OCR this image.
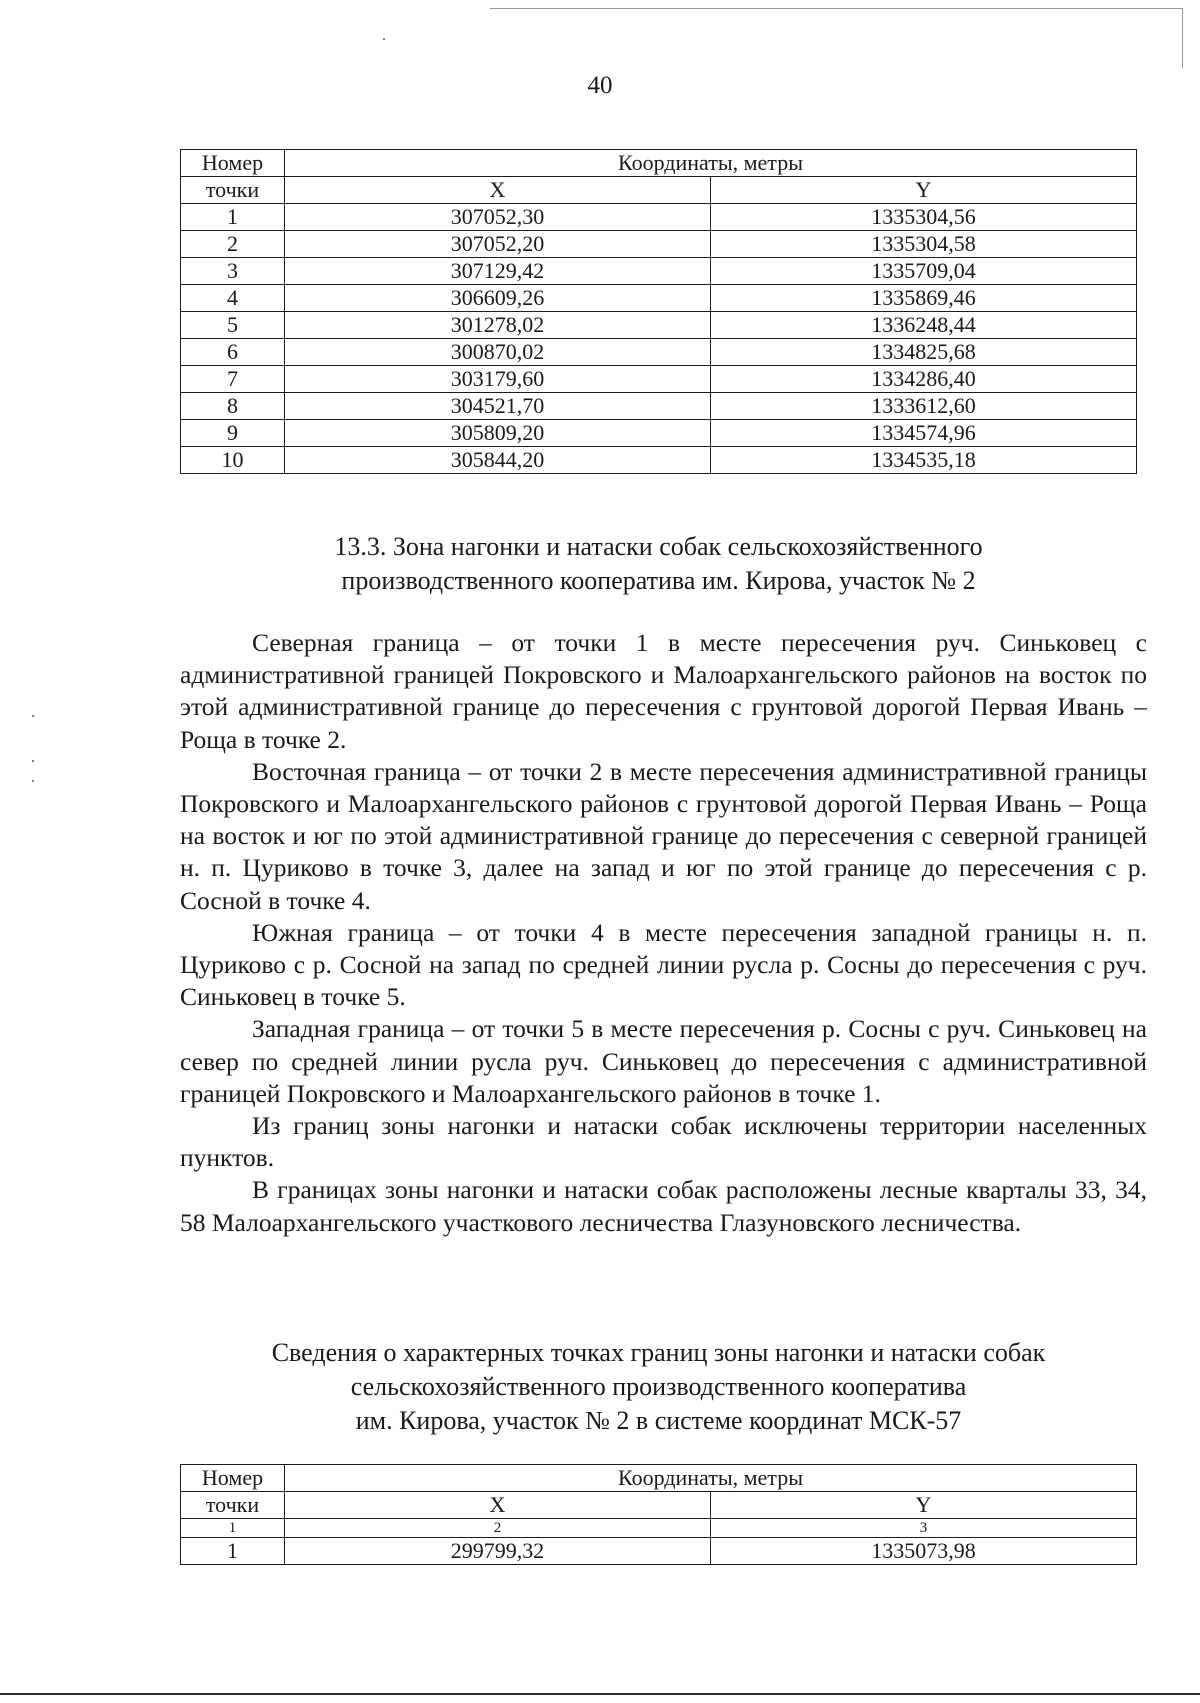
40
Номер	Координаты, метры	
точки	X	Y
1	307052,30	1335304,56
2	307052,20	1335304,58
3	307129,42	1335709,04
4	306609,26	1335869,46
5	301278,02	1336248,44
6	300870,02	1334825,68
7	303179,60	1334286,40
8	304521,70	1333612,60
9	305809,20	1334574,96
10	305844,20	1334535,18
13.3. Зона нагонки и натаски собак сельскохозяйственного
производственного кооператива им. Кирова, участок № 2

Северная граница – от точки 1 в месте пересечения руч. Синьковец с административной границей Покровского и Малоархангельского районов на восток по этой административной границе до пересечения с грунтовой дорогой Первая Ивань – Роща в точке 2.

Восточная граница – от точки 2 в месте пересечения административной границы Покровского и Малоархангельского районов с грунтовой дорогой Первая Ивань – Роща на восток и юг по этой административной границе до пересечения с северной границей н. п. Цуриково в точке 3, далее на запад и юг по этой границе до пересечения с р. Сосной в точке 4.

Южная граница – от точки 4 в месте пересечения западной границы н. п. Цуриково с р. Сосной на запад по средней линии русла р. Сосны до пересечения с руч. Синьковец в точке 5.

Западная граница – от точки 5 в месте пересечения р. Сосны с руч. Синьковец на север по средней линии русла руч. Синьковец до пересечения с административной границей Покровского и Малоархангельского районов в точке 1.

Из границ зоны нагонки и натаски собак исключены территории населенных пунктов.

В границах зоны нагонки и натаски собак расположены лесные кварталы 33, 34, 58 Малоархангельского участкового лесничества Глазуновского лесничества.

Сведения о характерных точках границ зоны нагонки и натаски собак
сельскохозяйственного производственного кооператива
им. Кирова, участок № 2 в системе координат МСК-57
Номер	Координаты, метры	
точки	X	Y
1	2	3
1	299799,32	1335073,98
